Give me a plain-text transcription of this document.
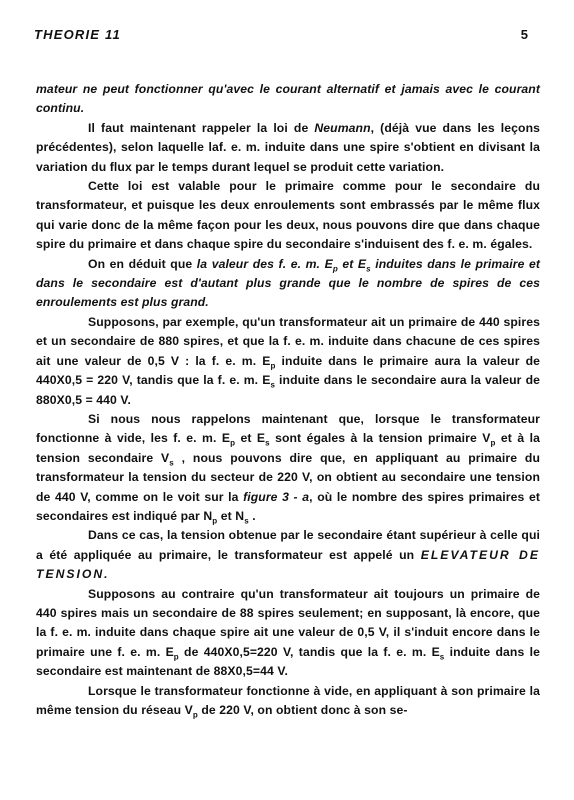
THEORIE 11	5

mateur ne peut fonctionner qu'avec le courant alternatif et jamais avec le courant continu.

Il faut maintenant rappeler la loi de Neumann, (déjà vue dans les leçons précédentes), selon laquelle laf. e. m. induite dans une spire s'obtient en divisant la variation du flux par le temps durant lequel se produit cette variation.

Cette loi est valable pour le primaire comme pour le secondaire du transformateur, et puisque les deux enroulements sont embrassés par le même flux qui varie donc de la même façon pour les deux, nous pouvons dire que dans chaque spire du primaire et dans chaque spire du secondaire s'induisent des f. e. m. égales.

On en déduit que la valeur des f. e. m. $E_p$ et $E_s$ induites dans le primaire et dans le secondaire est d'autant plus grande que le nombre de spires de ces enroulements est plus grand.

Supposons, par exemple, qu'un transformateur ait un primaire de 440 spires et un secondaire de 880 spires, et que la f. e. m. induite dans chacune de ces spires ait une valeur de 0,5 V : la f. e. m. $E_p$ induite dans le primaire aura la valeur de 440X0,5 = 220 V, tandis que la f. e. m. $E_s$ induite dans le secondaire aura la valeur de 880X0,5 = 440 V.

Si nous nous rappelons maintenant que, lorsque le transformateur fonctionne à vide, les f. e. m. $E_p$ et $E_s$ sont égales à la tension primaire $V_p$ et à la tension secondaire $V_s$ , nous pouvons dire que, en appliquant au primaire du transformateur la tension du secteur de 220 V, on obtient au secondaire une tension de 440 V, comme on le voit sur la figure 3 - a, où le nombre des spires primaires et secondaires est indiqué par $N_p$ et $N_s$ .

Dans ce cas, la tension obtenue par le secondaire étant supérieur à celle qui a été appliquée au primaire, le transformateur est appelé un ELEVATEUR DE TENSION.

Supposons au contraire qu'un transformateur ait toujours un primaire de 440 spires mais un secondaire de 88 spires seulement; en supposant, là encore, que la f. e. m. induite dans chaque spire ait une valeur de 0,5 V, il s'induit encore dans le primaire une f. e. m. $E_p$ de 440X0,5=220 V, tandis que la f. e. m. $E_s$ induite dans le secondaire est maintenant de 88X0,5=44 V.

Lorsque le transformateur fonctionne à vide, en appliquant à son primaire la même tension du réseau $V_p$ de 220 V, on obtient donc à son se-
